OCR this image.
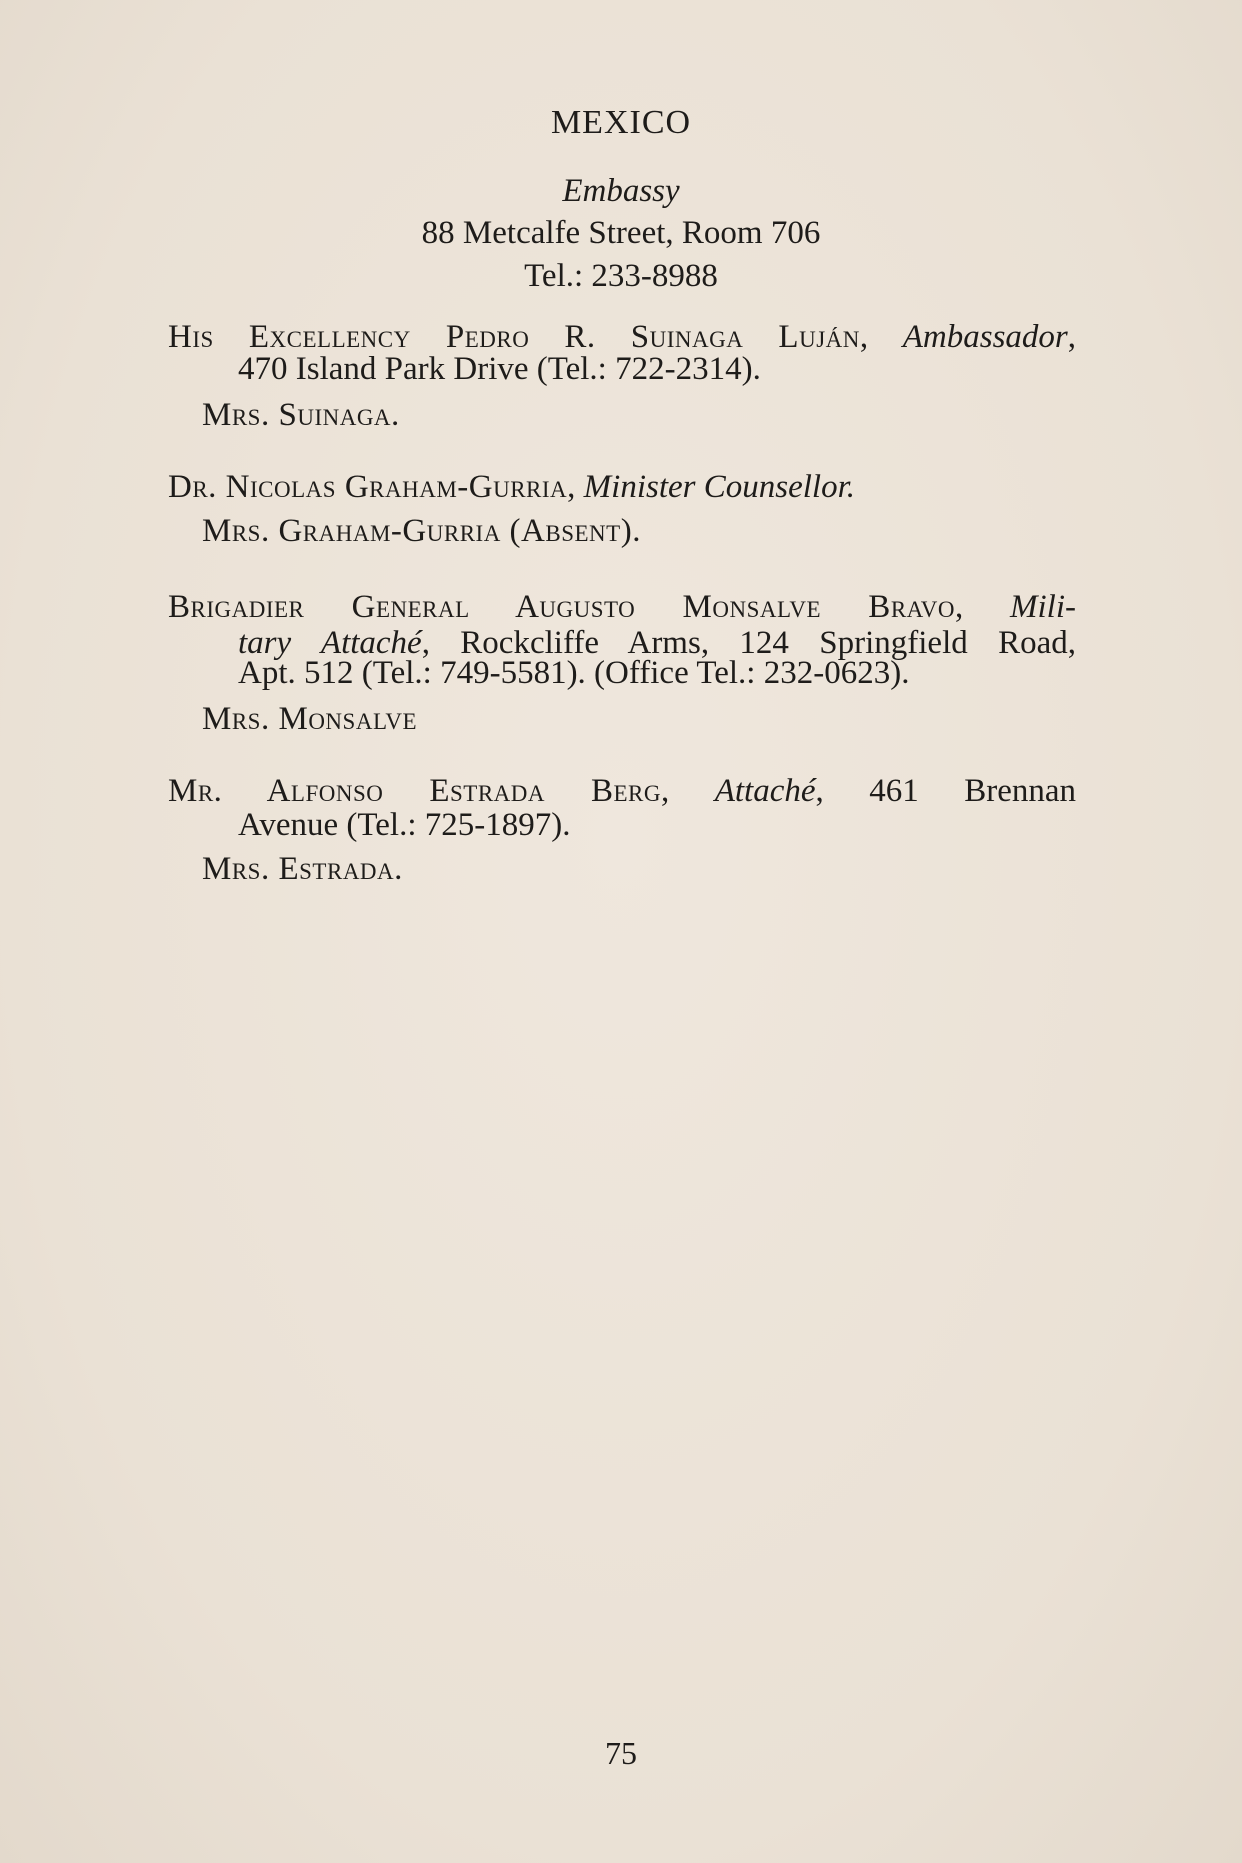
MEXICO
Embassy
88 Metcalfe Street, Room 706
Tel.: 233-8988
His Excellency Pedro R. Suinaga Luján, Ambassador,
470 Island Park Drive (Tel.: 722-2314).
Mrs. Suinaga.
Dr. Nicolas Graham-Gurria, Minister Counsellor.
Mrs. Graham-Gurria (Absent).
Brigadier General Augusto Monsalve Bravo, Mili-
tary Attaché, Rockcliffe Arms, 124 Springfield Road,
Apt. 512 (Tel.: 749-5581). (Office Tel.: 232-0623).
Mrs. Monsalve
Mr. Alfonso Estrada Berg, Attaché, 461 Brennan
Avenue (Tel.: 725-1897).
Mrs. Estrada.
75
